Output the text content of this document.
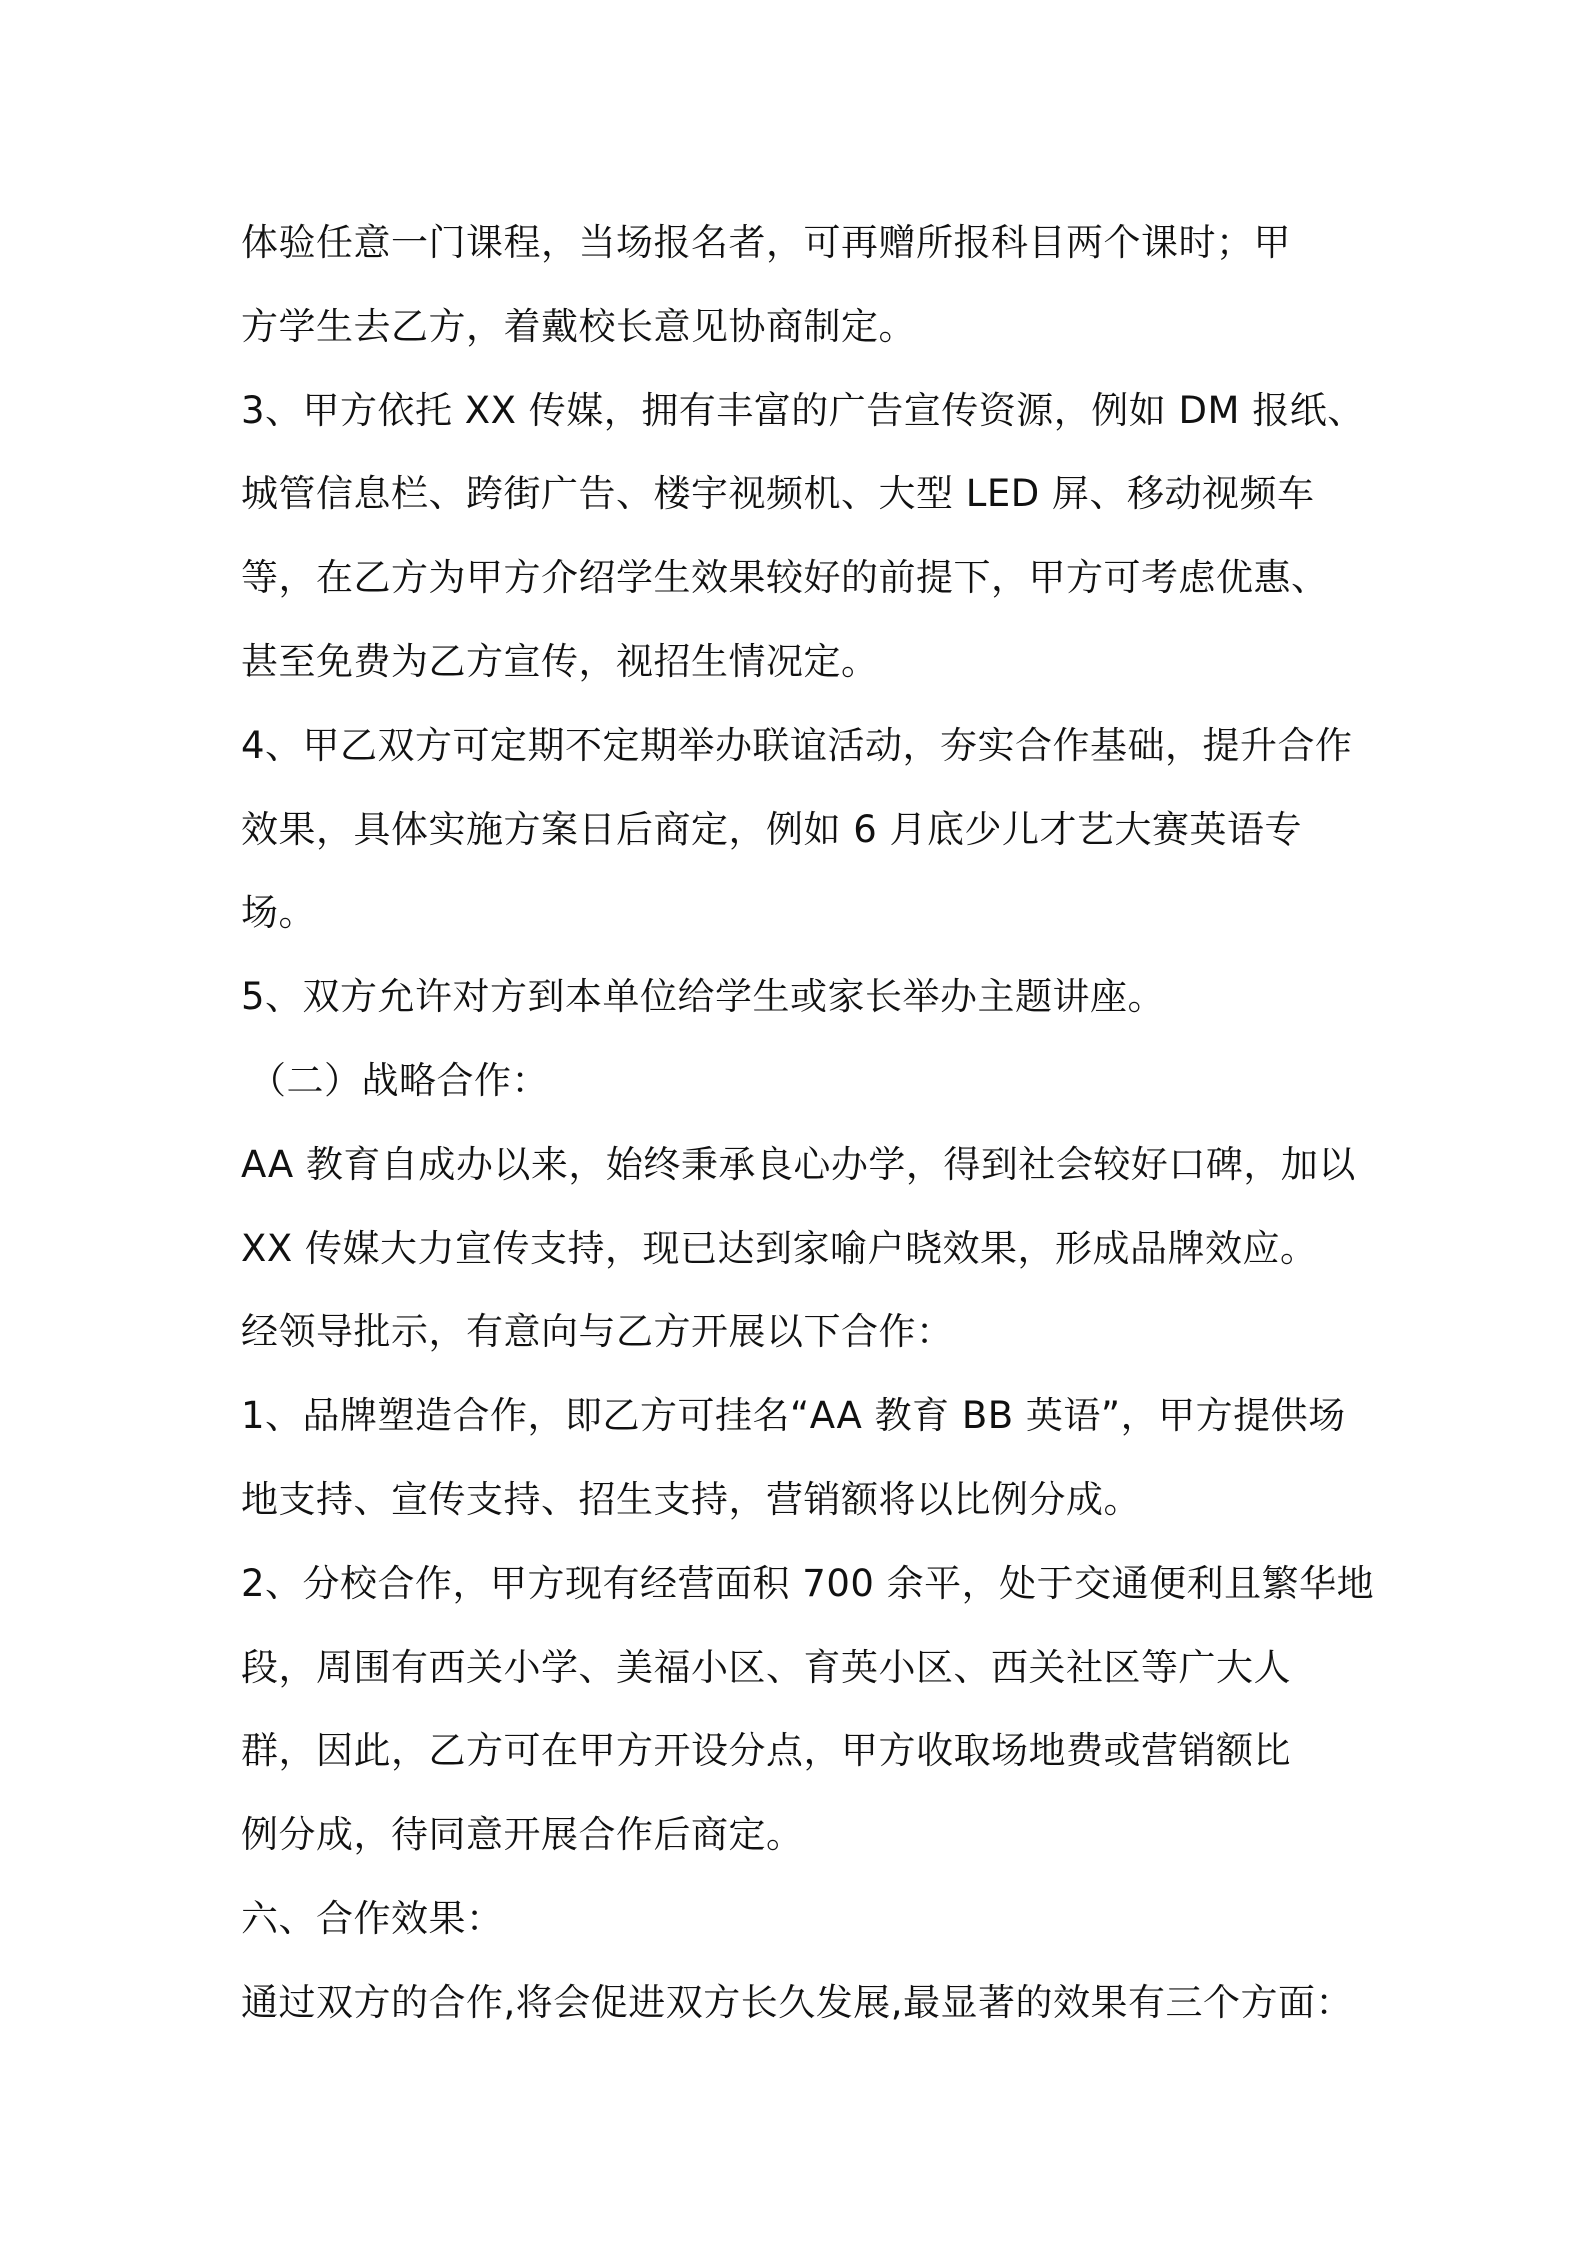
体验任意一门课程，当场报名者，可再赠所报科目两个课时；甲
方学生去乙方，着戴校长意见协商制定。
3、甲方依托 XX 传媒，拥有丰富的广告宣传资源，例如 DM 报纸、
城管信息栏、跨街广告、楼宇视频机、大型 LED 屏、移动视频车
等，在乙方为甲方介绍学生效果较好的前提下，甲方可考虑优惠、
甚至免费为乙方宣传，视招生情况定。
4、甲乙双方可定期不定期举办联谊活动，夯实合作基础，提升合作
效果，具体实施方案日后商定，例如 6 月底少儿才艺大赛英语专
场。
5、双方允许对方到本单位给学生或家长举办主题讲座。
（二）战略合作：
AA 教育自成办以来，始终秉承良心办学，得到社会较好口碑，加以
XX 传媒大力宣传支持，现已达到家喻户晓效果，形成品牌效应。
经领导批示，有意向与乙方开展以下合作：
1、品牌塑造合作，即乙方可挂名“AA 教育 BB 英语”，甲方提供场
地支持、宣传支持、招生支持，营销额将以比例分成。
2、分校合作，甲方现有经营面积 700 余平，处于交通便利且繁华地
段，周围有西关小学、美福小区、育英小区、西关社区等广大人
群，因此，乙方可在甲方开设分点，甲方收取场地费或营销额比
例分成，待同意开展合作后商定。
六、合作效果：
通过双方的合作,将会促进双方长久发展,最显著的效果有三个方面：
